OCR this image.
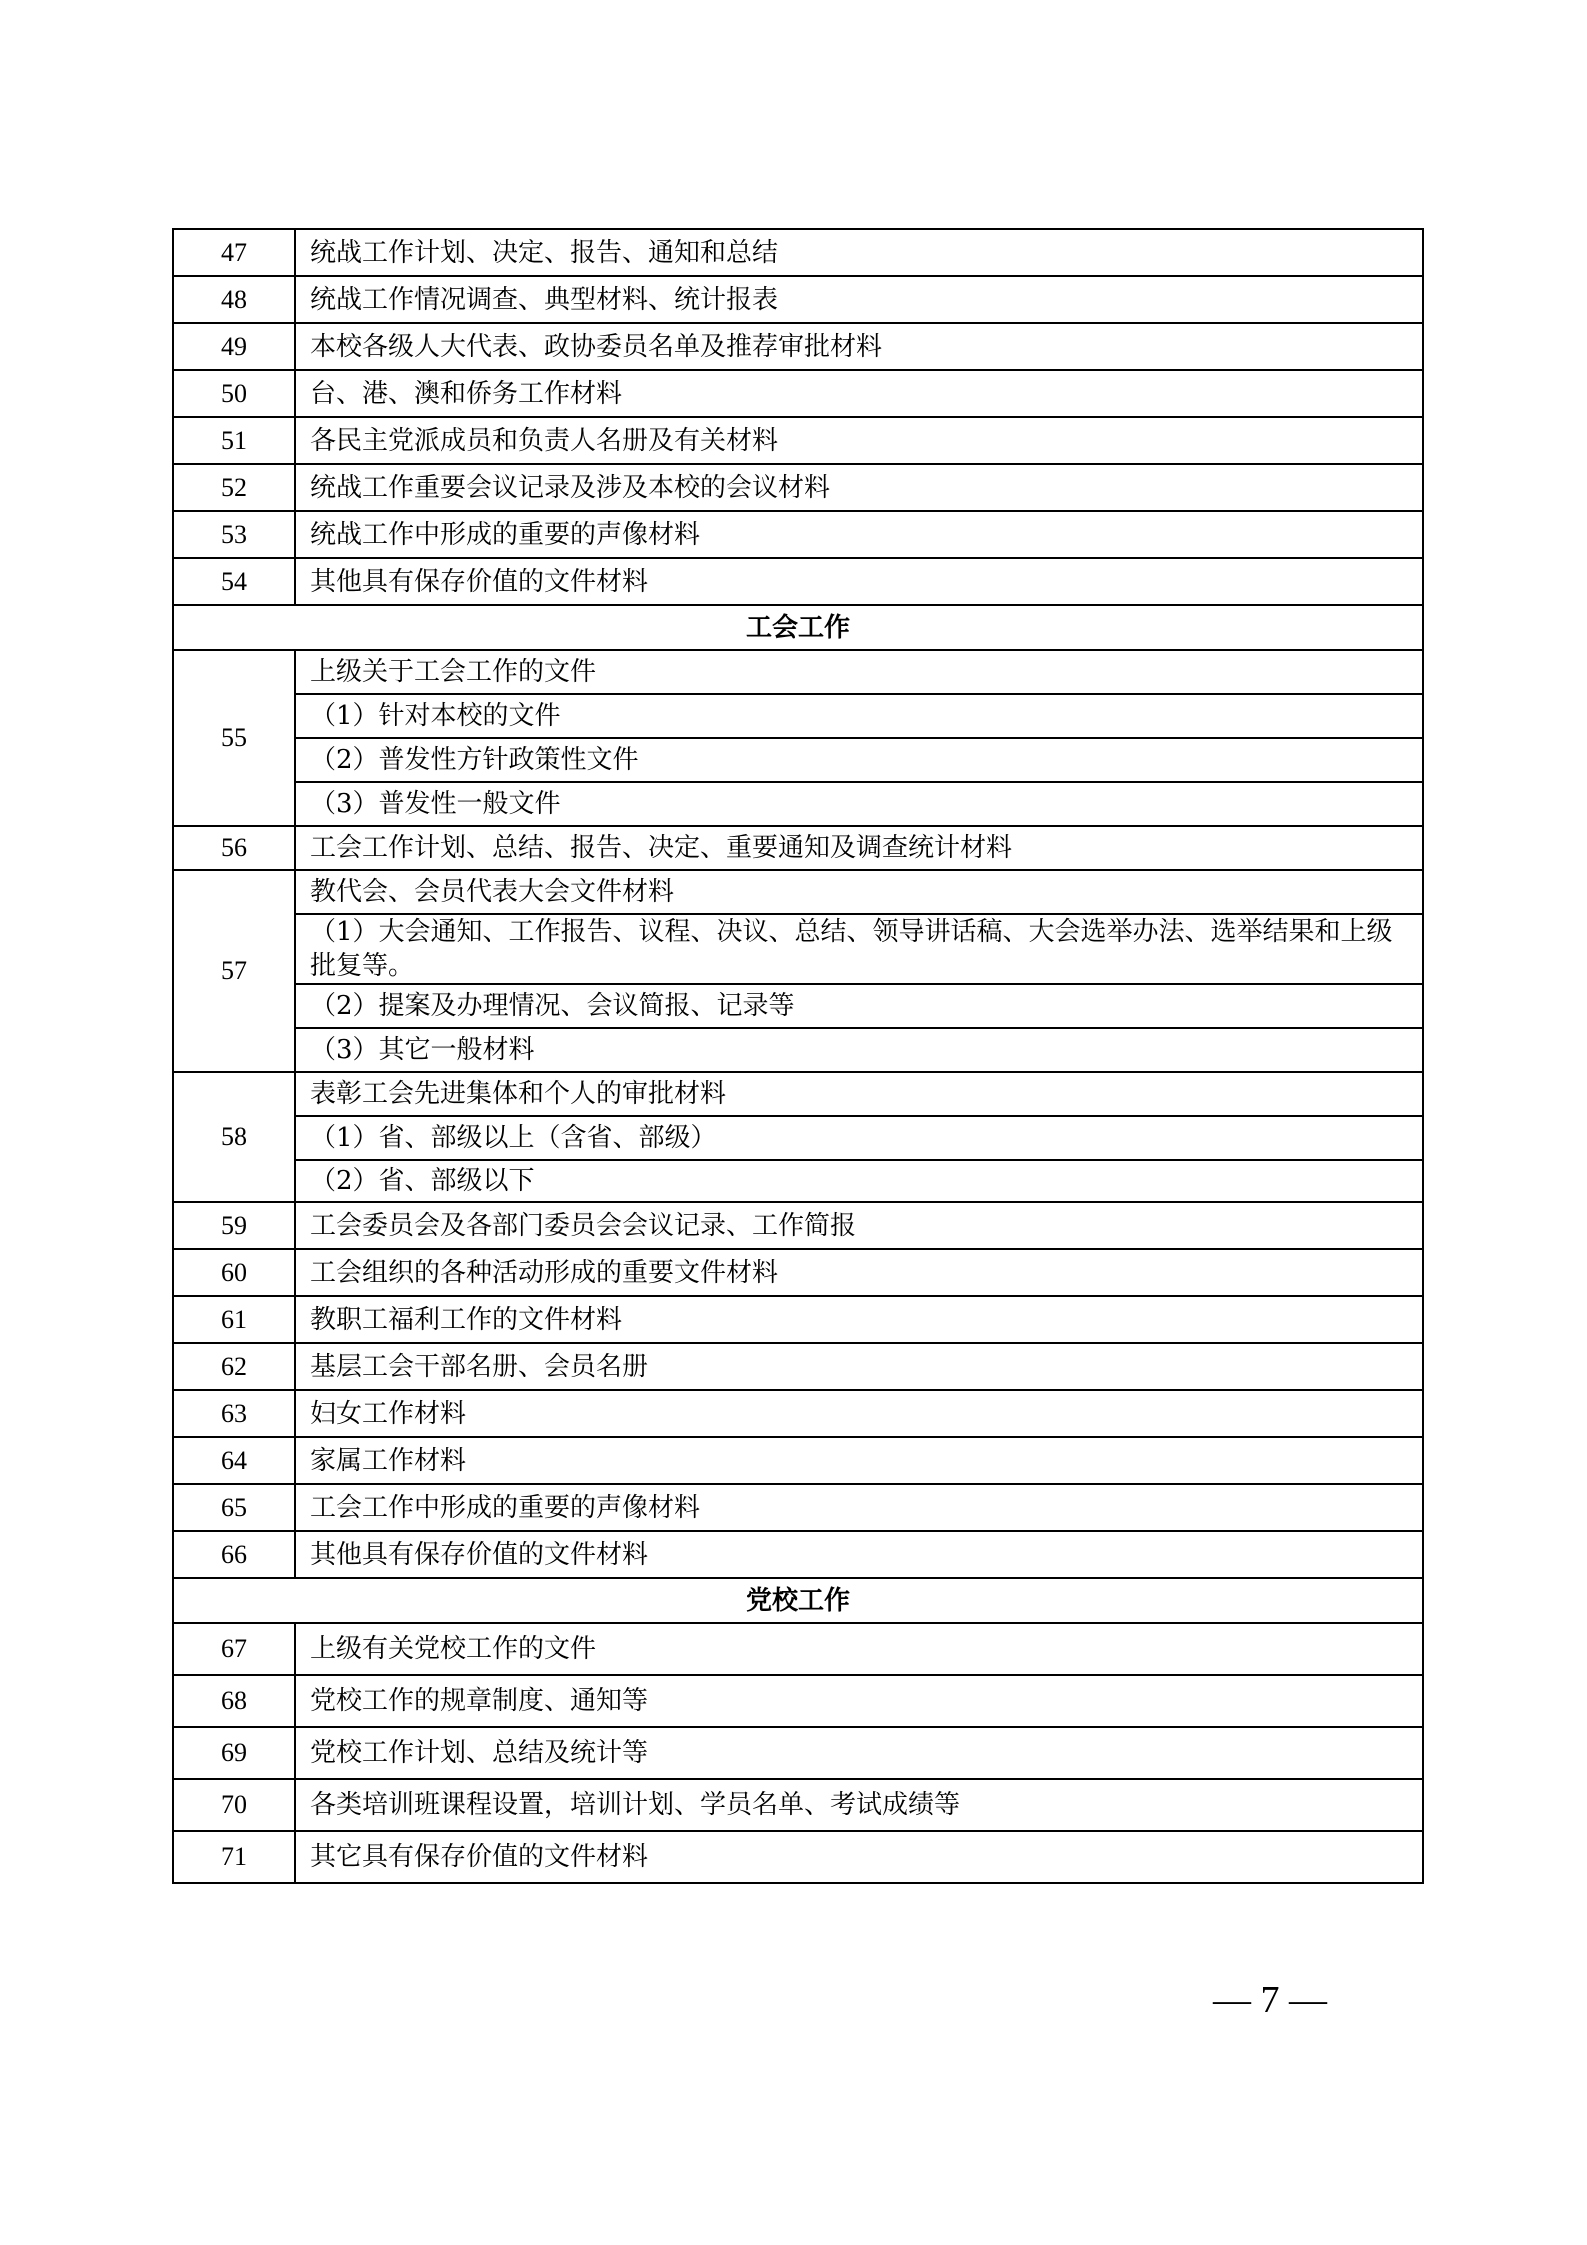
47	统战工作计划、决定、报告、通知和总结
48	统战工作情况调查、典型材料、统计报表
49	本校各级人大代表、政协委员名单及推荐审批材料
50	台、港、澳和侨务工作材料
51	各民主党派成员和负责人名册及有关材料
52	统战工作重要会议记录及涉及本校的会议材料
53	统战工作中形成的重要的声像材料
54	其他具有保存价值的文件材料
工会工作	
55	上级关于工会工作的文件
	（1）针对本校的文件
	（2）普发性方针政策性文件
	（3）普发性一般文件
56	工会工作计划、总结、报告、决定、重要通知及调查统计材料
57	教代会、会员代表大会文件材料
	（1）大会通知、工作报告、议程、决议、总结、领导讲话稿、大会选举办法、选举结果和上级批复等。
	（2）提案及办理情况、会议简报、记录等
	（3）其它一般材料
58	表彰工会先进集体和个人的审批材料
	（1）省、部级以上（含省、部级）
	（2）省、部级以下
59	工会委员会及各部门委员会会议记录、工作简报
60	工会组织的各种活动形成的重要文件材料
61	教职工福利工作的文件材料
62	基层工会干部名册、会员名册
63	妇女工作材料
64	家属工作材料
65	工会工作中形成的重要的声像材料
66	其他具有保存价值的文件材料
党校工作	
67	上级有关党校工作的文件
68	党校工作的规章制度、通知等
69	党校工作计划、总结及统计等
70	各类培训班课程设置，培训计划、学员名单、考试成绩等
71	其它具有保存价值的文件材料
— 7 —
